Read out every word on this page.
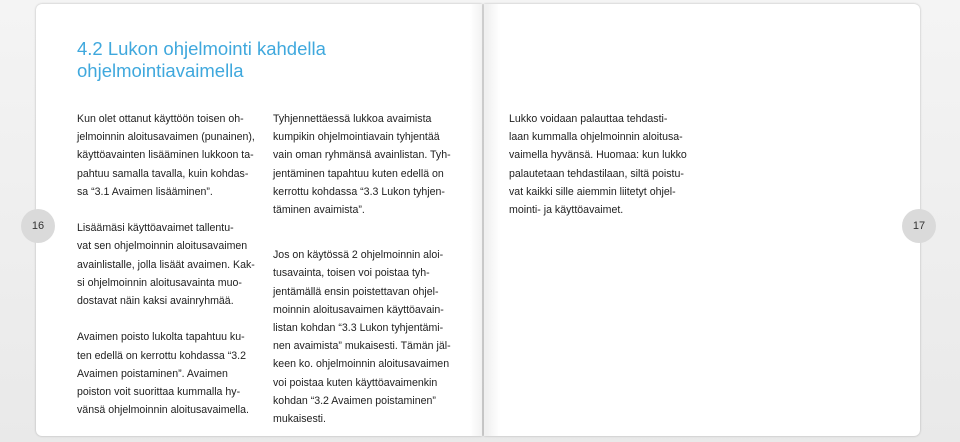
16	17
4.2 Lukon ohjelmointi kahdella
ohjelmointiavaimella

Kun olet ottanut käyttöön toisen oh-
jelmoinnin aloitusavaimen (punainen),
käyttöavainten lisääminen lukkoon ta-
pahtuu samalla tavalla, kuin kohdas-
sa “3.1 Avaimen lisääminen”.

Lisäämäsi käyttöavaimet tallentu-
vat sen ohjelmoinnin aloitusavaimen
avainlistalle, jolla lisäät avaimen. Kak-
si ohjelmoinnin aloitusavainta muo-
dostavat näin kaksi avainryhmää.

Avaimen poisto lukolta tapahtuu ku-
ten edellä on kerrottu kohdassa “3.2
Avaimen poistaminen”. Avaimen
poiston voit suorittaa kummalla hy-
vänsä ohjelmoinnin aloitusavaimella.

Tyhjennettäessä lukkoa avaimista
kumpikin ohjelmointiavain tyhjentää
vain oman ryhmänsä avainlistan. Tyh-
jentäminen tapahtuu kuten edellä on
kerrottu kohdassa “3.3 Lukon tyhjen-
täminen avaimista”.

Jos on käytössä 2 ohjelmoinnin aloi-
tusavainta, toisen voi poistaa tyh-
jentämällä ensin poistettavan ohjel-
moinnin aloitusavaimen käyttöavain-
listan kohdan “3.3 Lukon tyhjentämi-
nen avaimista” mukaisesti. Tämän jäl-
keen ko. ohjelmoinnin aloitusavaimen
voi poistaa kuten käyttöavaimenkin
kohdan “3.2 Avaimen poistaminen”
mukaisesti.

Lukko voidaan palauttaa tehdasti-
laan kummalla ohjelmoinnin aloitusa-
vaimella hyvänsä. Huomaa: kun lukko
palautetaan tehdastilaan, siltä poistu-
vat kaikki sille aiemmin liitetyt ohjel-
mointi- ja käyttöavaimet.
